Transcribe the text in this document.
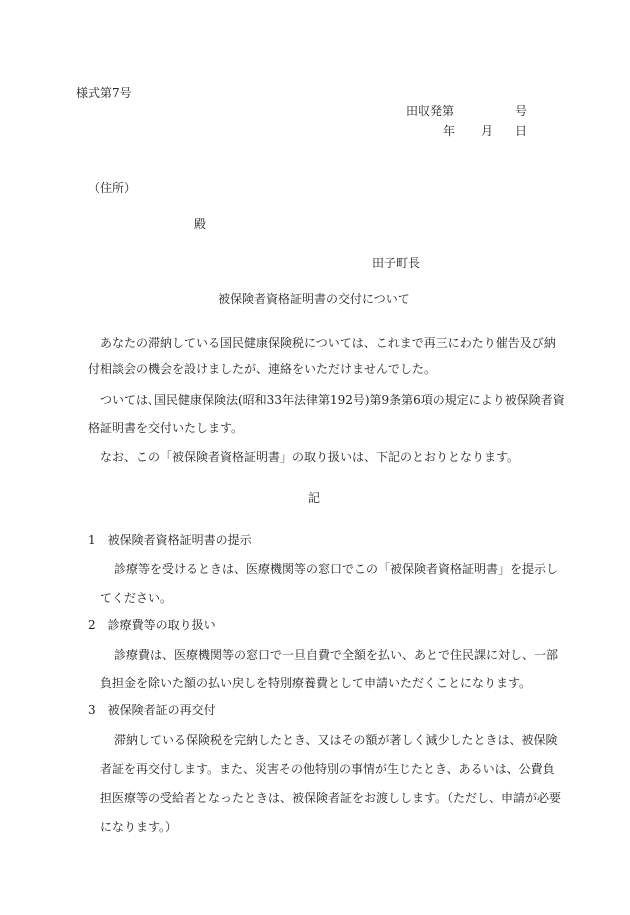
様式第7号
田収発第	号
年 月 日
（住所）
殿
田子町長
被保険者資格証明書の交付について
あなたの滞納している国民健康保険税については、これまで再三にわたり催告及び納
付相談会の機会を設けましたが、連絡をいただけませんでした。
ついては､国民健康保険法(昭和33年法律第192号)第9条第6項の規定により被保険者資
格証明書を交付いたします。
なお、この「被保険者資格証明書」の取り扱いは、下記のとおりとなります。
記
1　被保険者資格証明書の提示
診療等を受けるときは、医療機関等の窓口でこの「被保険者資格証明書」を提示し
てください。
2　診療費等の取り扱い
診療費は、医療機関等の窓口で一旦自費で全額を払い、あとで住民課に対し、一部
負担金を除いた額の払い戻しを特別療養費として申請いただくことになります。
3　被保険者証の再交付
滞納している保険税を完納したとき、又はその額が著しく減少したときは、被保険
者証を再交付します。また、災害その他特別の事情が生じたとき、あるいは、公費負
担医療等の受給者となったときは、被保険者証をお渡しします。（ただし、申請が必要
になります。）
